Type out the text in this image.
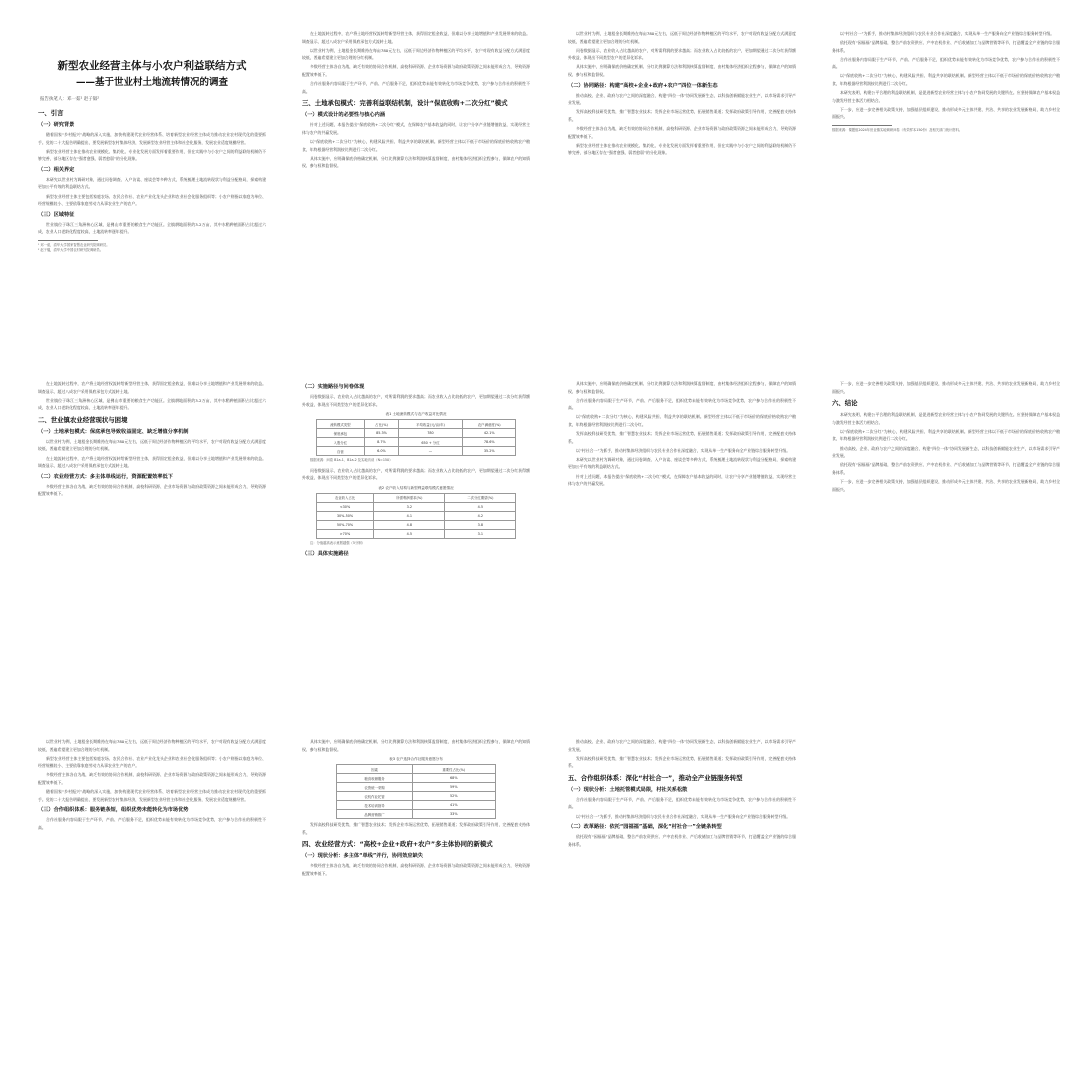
新型农业经营主体与小农户利益联结方式
——基于世业村土地流转情况的调查
报告执笔人：邓一茹¹ 赵子韫²
一、引言
（一）研究背景

随着国家“乡村振兴”战略的深入实施，加快构建现代农业经营体系、培育新型农业经营主体成为推动农业农村现代化的重要抓手。党的二十大报告明确提出，要发展新型农村集体经济，发展新型农业经营主体和社会化服务，发展农业适度规模经营。

新型农业经营主体在推动农业规模化、集约化、专业化发展方面发挥着重要作用，但在实践中与小农户之间的利益联结机制仍不够完善，部分地区存在“强者愈强、弱者愈弱”的分化现象。

（二）相关界定

本研究以世业村为调研对象，通过问卷调查、入户访谈、座谈会等多种方式，系统梳理土地流转现状与利益分配格局，探索构建更加公平有效的利益联结方式。

新型农业经营主体主要包括家庭农场、农民合作社、农业产业化龙头企业和农业社会化服务组织等；小农户则指以家庭为单位、经营规模较小、主要依靠家庭劳动力从事农业生产的农户。

（三）区域特征

世业镇位于珠江三角洲核心区域，是佛山市重要的粮食生产功能区。全镇耕地面积约3.2万亩，其中水稻种植面积占比超过六成，农业人口老龄化程度较高，土地流转率逐年提升。

¹ 邓一茹，清华大学国家智慧农业研究院调研员。

² 赵子韫，清华大学中国农村研究院调研员。

在土地流转过程中，农户将土地经营权流转给新型经营主体，获得固定租金收益，但难以分享土地增值和产业发展带来的收益。调查显示，超过八成农户采用保底承包方式流转土地。

以世业村为例，土地租金长期维持在每亩780元左右，远低于周边经济作物种植区的平均水平，农户对现有收益分配方式满意度较低，普遍希望建立更加合理的分红机制。

多数经营主体各自为战，缺乏有效的协同合作机制，高校科研资源、企业市场资源与政府政策资源之间未能形成合力，导致资源配置效率低下。

合作社服务内容局限于生产环节，产前、产后服务不足，组织优势未能有效转化为市场竞争优势，农户参与合作社的积极性不高。

三、土地承包模式：完善利益联结机制，设计“保底收购+二次分红”模式
（一）模式设计的必要性与核心内涵

针对上述问题，本报告提出“保底收购+二次分红”模式，在保障农户基本收益的同时，让农户分享产业链增值收益，实现经营主体与农户的共赢发展。

以“保底收购+二次分红”为核心，构建风险共担、利益共享的联结机制。新型经营主体以不低于市场价的保底价格收购农户粮食，年终根据经营利润按比例进行二次分红。

具体实施中，应明确保底价格确定机制、分红比例测算方法和利润核算监督制度，由村集体经济组织全程参与，保障农户的知情权、参与权和监督权。

以世业村为例，土地租金长期维持在每亩780元左右，远低于周边经济作物种植区的平均水平，农户对现有收益分配方式满意度较低，普遍希望建立更加合理的分红机制。

问卷数据显示，农业收入占比越高的农户，对所需利润的要求越高；而农业收入占比较低的农户，更加期望通过二次分红获得额外收益，体现出不同类型农户的差异化诉求。

具体实施中，应明确保底价格确定机制、分红比例测算方法和利润核算监督制度，由村集体经济组织全程参与，保障农户的知情权、参与权和监督权。

（二）协同路径：构建“高校+企业+政府+农户”四位一体新生态

推动高校、企业、政府与农户之间的深度融合，构建“四位一体”协同发展新生态，以科技创新赋能农业生产，以市场需求引导产业发展。

发挥高校科技研发优势，推广智慧农业技术；发挥企业市场运营优势，拓展销售渠道；发挥政府政策引导作用，完善配套支持体系。

多数经营主体各自为战，缺乏有效的协同合作机制，高校科研资源、企业市场资源与政府政策资源之间未能形成合力，导致资源配置效率低下。

新型农业经营主体在推动农业规模化、集约化、专业化发展方面发挥着重要作用，但在实践中与小农户之间的利益联结机制仍不够完善，部分地区存在“强者愈强、弱者愈弱”的分化现象。

以“村社合一”为抓手，推动村集体经济组织与农民专业合作社深度融合，实现从单一生产服务向全产业链综合服务转型升级。

依托现有“园福福”品牌基础，整合产前农资供应、产中农机作业、产后收储加工与品牌营销等环节，打造覆盖全产业链的综合服务体系。

合作社服务内容局限于生产环节，产前、产后服务不足，组织优势未能有效转化为市场竞争优势，农户参与合作社的积极性不高。

以“保底收购+二次分红”为核心，构建风险共担、利益共享的联结机制。新型经营主体以不低于市场价的保底价格收购农户粮食，年终根据经营利润按比例进行二次分红。

本研究表明，构建公平合理的利益联结机制，是促进新型农业经营主体与小农户协同发展的关键所在。应坚持保障农户基本权益与激发经营主体活力相结合。

下一步，应进一步完善相关政策支持，加强基层组织建设，推动形成多元主体共建、共治、共享的农业发展新格局，助力乡村全面振兴。

数据来源：课题组2024年世业镇实地调研问卷（有效样本150份）及相关部门统计资料。

在土地流转过程中，农户将土地经营权流转给新型经营主体，获得固定租金收益，但难以分享土地增值和产业发展带来的收益。调查显示，超过八成农户采用保底承包方式流转土地。

世业镇位于珠江三角洲核心区域，是佛山市重要的粮食生产功能区。全镇耕地面积约3.2万亩，其中水稻种植面积占比超过六成，农业人口老龄化程度较高，土地流转率逐年提升。

二、世业镇农业经营现状与困境
（一）土地承包模式：保底承包导致收益固定、缺乏增值分享机制

以世业村为例，土地租金长期维持在每亩780元左右，远低于周边经济作物种植区的平均水平，农户对现有收益分配方式满意度较低，普遍希望建立更加合理的分红机制。

在土地流转过程中，农户将土地经营权流转给新型经营主体，获得固定租金收益，但难以分享土地增值和产业发展带来的收益。调查显示，超过八成农户采用保底承包方式流转土地。

（二）农业经营方式：多主体单线运行，资源配置效率低下

多数经营主体各自为战，缺乏有效的协同合作机制，高校科研资源、企业市场资源与政府政策资源之间未能形成合力，导致资源配置效率低下。

（二）实施路径与问卷体现

问卷数据显示，农业收入占比越高的农户，对所需利润的要求越高；而农业收入占比较低的农户，更加期望通过二次分红获得额外收益，体现出不同类型农户的差异化诉求。

表1 土地流转模式与农户收益对比情况
流转模式类型	占比(%)	平均收益(元/亩/年)	农户满意度(%)
保底承包	85.3%	780	42.1%
入股分红	8.7%	650 + 分红	78.6%
自营	6.0%	—	35.2%
数据来源：问卷 B1a-1、B1a-2 及实地访谈（N=150）

问卷数据显示，农业收入占比越高的农户，对所需利润的要求越高；而农业收入占比较低的农户，更加期望通过二次分红获得额外收益，体现出不同类型农户的差异化诉求。

表2 农户收入结构与新型利益联结模式意愿情况
农业收入占比	所需利润需求(%)	二次分红期望(%)
<30%	3.2	4.5
30%-50%	4.1	4.2
50%-70%	4.8	3.8
>70%	4.5	3.1
注：分值越高表示意愿越强（5分制）
（三）具体实施路径

具体实施中，应明确保底价格确定机制、分红比例测算方法和利润核算监督制度，由村集体经济组织全程参与，保障农户的知情权、参与权和监督权。

合作社服务内容局限于生产环节，产前、产后服务不足，组织优势未能有效转化为市场竞争优势，农户参与合作社的积极性不高。

以“保底收购+二次分红”为核心，构建风险共担、利益共享的联结机制。新型经营主体以不低于市场价的保底价格收购农户粮食，年终根据经营利润按比例进行二次分红。

发挥高校科技研发优势，推广智慧农业技术；发挥企业市场运营优势，拓展销售渠道；发挥政府政策引导作用，完善配套支持体系。

以“村社合一”为抓手，推动村集体经济组织与农民专业合作社深度融合，实现从单一生产服务向全产业链综合服务转型升级。

本研究以世业村为调研对象，通过问卷调查、入户访谈、座谈会等多种方式，系统梳理土地流转现状与利益分配格局，探索构建更加公平有效的利益联结方式。

针对上述问题，本报告提出“保底收购+二次分红”模式，在保障农户基本收益的同时，让农户分享产业链增值收益，实现经营主体与农户的共赢发展。

下一步，应进一步完善相关政策支持，加强基层组织建设，推动形成多元主体共建、共治、共享的农业发展新格局，助力乡村全面振兴。

六、结论

本研究表明，构建公平合理的利益联结机制，是促进新型农业经营主体与小农户协同发展的关键所在。应坚持保障农户基本权益与激发经营主体活力相结合。

以“保底收购+二次分红”为核心，构建风险共担、利益共享的联结机制。新型经营主体以不低于市场价的保底价格收购农户粮食，年终根据经营利润按比例进行二次分红。

推动高校、企业、政府与农户之间的深度融合，构建“四位一体”协同发展新生态，以科技创新赋能农业生产，以市场需求引导产业发展。

依托现有“园福福”品牌基础，整合产前农资供应、产中农机作业、产后收储加工与品牌营销等环节，打造覆盖全产业链的综合服务体系。

下一步，应进一步完善相关政策支持，加强基层组织建设，推动形成多元主体共建、共治、共享的农业发展新格局，助力乡村全面振兴。

以世业村为例，土地租金长期维持在每亩780元左右，远低于周边经济作物种植区的平均水平，农户对现有收益分配方式满意度较低，普遍希望建立更加合理的分红机制。

新型农业经营主体主要包括家庭农场、农民合作社、农业产业化龙头企业和农业社会化服务组织等；小农户则指以家庭为单位、经营规模较小、主要依靠家庭劳动力从事农业生产的农户。

多数经营主体各自为战，缺乏有效的协同合作机制，高校科研资源、企业市场资源与政府政策资源之间未能形成合力，导致资源配置效率低下。

随着国家“乡村振兴”战略的深入实施，加快构建现代农业经营体系、培育新型农业经营主体成为推动农业农村现代化的重要抓手。党的二十大报告明确提出，要发展新型农村集体经济，发展新型农业经营主体和社会化服务，发展农业适度规模经营。

（三）合作组织体系：服务链条短，组织优势未能转化为市场优势

合作社服务内容局限于生产环节，产前、产后服务不足，组织优势未能有效转化为市场竞争优势，农户参与合作社的积极性不高。

具体实施中，应明确保底价格确定机制、分红比例测算方法和利润核算监督制度，由村集体经济组织全程参与，保障农户的知情权、参与权和监督权。

表3 农户选择合作社服务意愿分布
因素	重要性占比(%)
粮食收储服务	68%
农资统一采购	59%
农机作业托管	52%
技术培训指导	41%
品牌营销推广	33%

发挥高校科技研发优势，推广智慧农业技术；发挥企业市场运营优势，拓展销售渠道；发挥政府政策引导作用，完善配套支持体系。

四、农业经营方式：“高校+企业+政府+农户”多主体协同的新模式
（一）现状分析：多主体“单线”并行，协同效应缺失

多数经营主体各自为战，缺乏有效的协同合作机制，高校科研资源、企业市场资源与政府政策资源之间未能形成合力，导致资源配置效率低下。

推动高校、企业、政府与农户之间的深度融合，构建“四位一体”协同发展新生态，以科技创新赋能农业生产，以市场需求引导产业发展。

发挥高校科技研发优势，推广智慧农业技术；发挥企业市场运营优势，拓展销售渠道；发挥政府政策引导作用，完善配套支持体系。

五、合作组织体系：深化“村社合一”，推动全产业链服务转型
（一）现状分析：土地托管模式局限，村社关系松散

合作社服务内容局限于生产环节，产前、产后服务不足，组织优势未能有效转化为市场竞争优势，农户参与合作社的积极性不高。

以“村社合一”为抓手，推动村集体经济组织与农民专业合作社深度融合，实现从单一生产服务向全产业链综合服务转型升级。

（二）改革路径：依托“园福福”基础，深化“村社合一”全链条转型

依托现有“园福福”品牌基础，整合产前农资供应、产中农机作业、产后收储加工与品牌营销等环节，打造覆盖全产业链的综合服务体系。
